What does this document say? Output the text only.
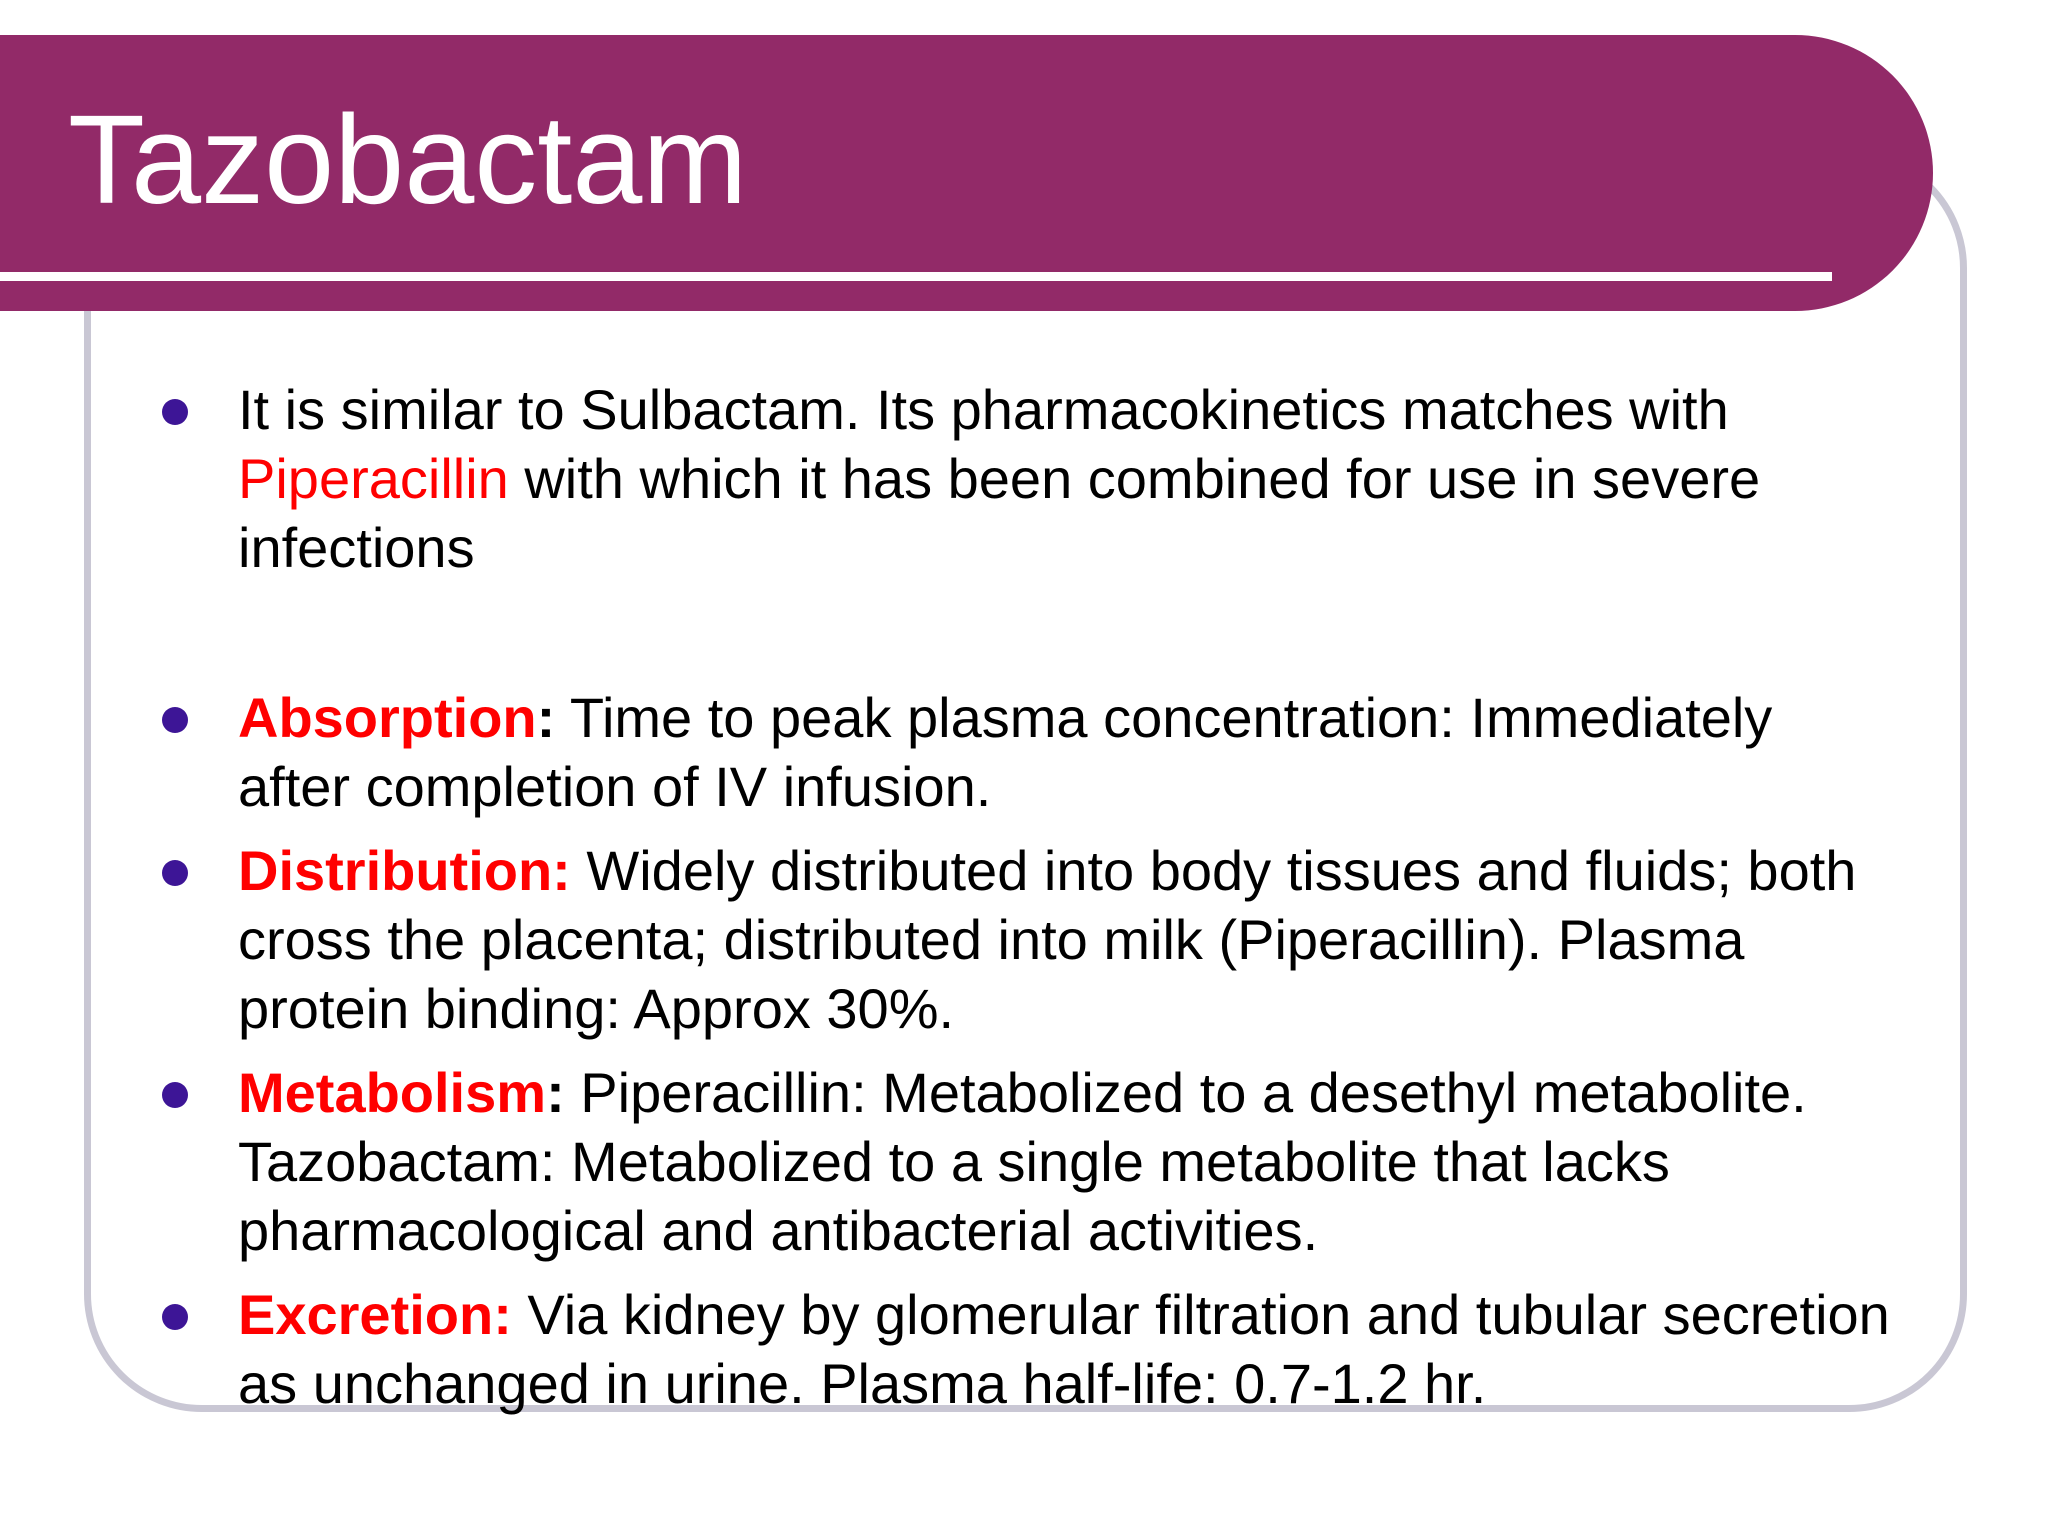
Tazobactam
It is similar to Sulbactam. Its pharmacokinetics matches with Piperacillin with which it has been combined for use in severe infections
Absorption: Time to peak plasma concentration: Immediately after completion of IV infusion.
Distribution: Widely distributed into body tissues and fluids; both cross the placenta; distributed into milk (Piperacillin). Plasma protein binding: Approx 30%.
Metabolism: Piperacillin: Metabolized to a desethyl metabolite. Tazobactam: Metabolized to a single metabolite that lacks pharmacological and antibacterial activities.
Excretion: Via kidney by glomerular filtration and tubular secretion as unchanged in urine. Plasma half-life: 0.7-1.2 hr.
